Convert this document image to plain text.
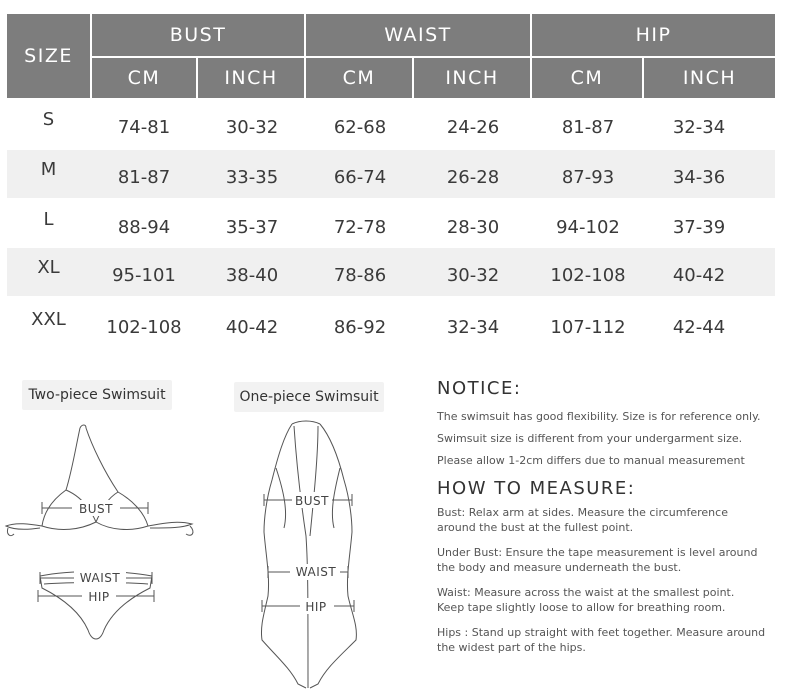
SIZE
BUST	WAIST	HIP
CM	INCH	CM	INCH	CM	INCH
S	74-81	30-32	62-68	24-26	81-87	32-34
M	81-87	33-35	66-74	26-28	87-93	34-36
L	88-94	35-37	72-78	28-30	94-102	37-39
XL	95-101	38-40	78-86	30-32	102-108	40-42
XXL	102-108	40-42	86-92	32-34	107-112	42-44
Two-piece Swimsuit	One-piece Swimsuit
BUST
WAIST
HIP
BUST
WAIST
HIP
NOTICE:
The swimsuit has good flexibility. Size is for reference only.
Swimsuit size is different from your undergarment size.
Please allow 1-2cm differs due to manual measurement
HOW TO MEASURE:
Bust: Relax arm at sides. Measure the circumference
around the bust at the fullest point.
Under Bust: Ensure the tape measurement is level around
the body and measure underneath the bust.
Waist: Measure across the waist at the smallest point.
Keep tape slightly loose to allow for breathing room.
Hips : Stand up straight with feet together. Measure around
the widest part of the hips.
